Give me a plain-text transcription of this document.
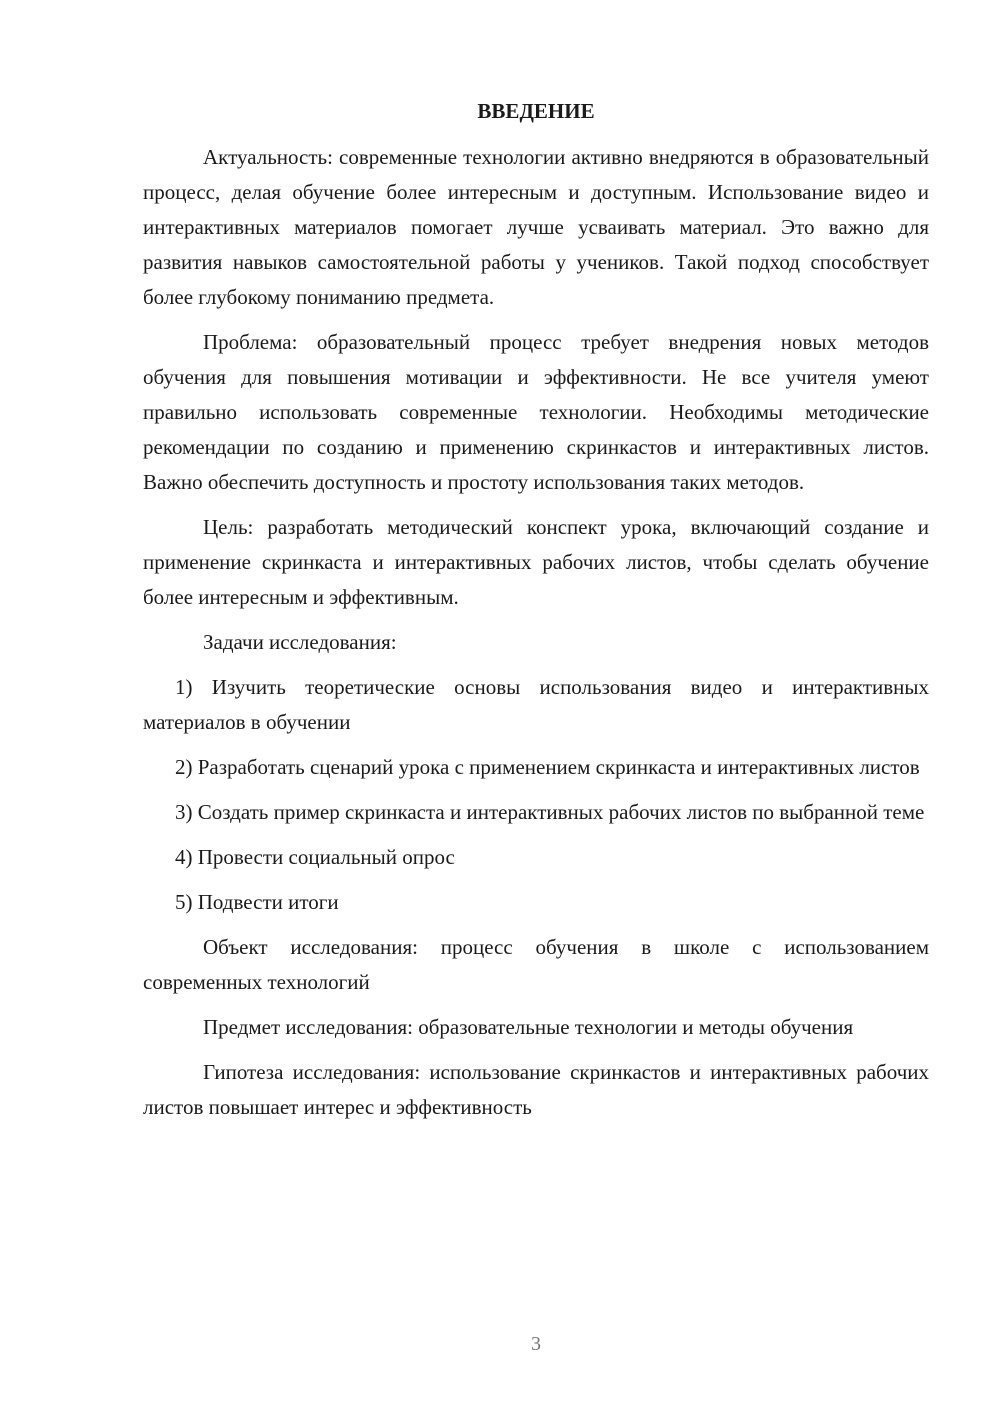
ВВЕДЕНИЕ

Актуальность: современные технологии активно внедряются в образовательный процесс, делая обучение более интересным и доступным. Использование видео и интерактивных материалов помогает лучше усваивать материал. Это важно для развития навыков самостоятельной работы у учеников. Такой подход способствует более глубокому пониманию предмета.

Проблема: образовательный процесс требует внедрения новых методов обучения для повышения мотивации и эффективности. Не все учителя умеют правильно использовать современные технологии. Необходимы методические рекомендации по созданию и применению скринкастов и интерактивных листов. Важно обеспечить доступность и простоту использования таких методов.

Цель: разработать методический конспект урока, включающий создание и применение скринкаста и интерактивных рабочих листов, чтобы сделать обучение более интересным и эффективным.

Задачи исследования:

1) Изучить теоретические основы использования видео и интерактивных материалов в обучении

2) Разработать сценарий урока с применением скринкаста и интерактивных листов

3) Создать пример скринкаста и интерактивных рабочих листов по выбранной теме

4) Провести социальный опрос

5) Подвести итоги

Объект исследования: процесс обучения в школе с использованием современных технологий

Предмет исследования: образовательные технологии и методы обучения

Гипотеза исследования: использование скринкастов и интерактивных рабочих листов повышает интерес и эффективность

3
